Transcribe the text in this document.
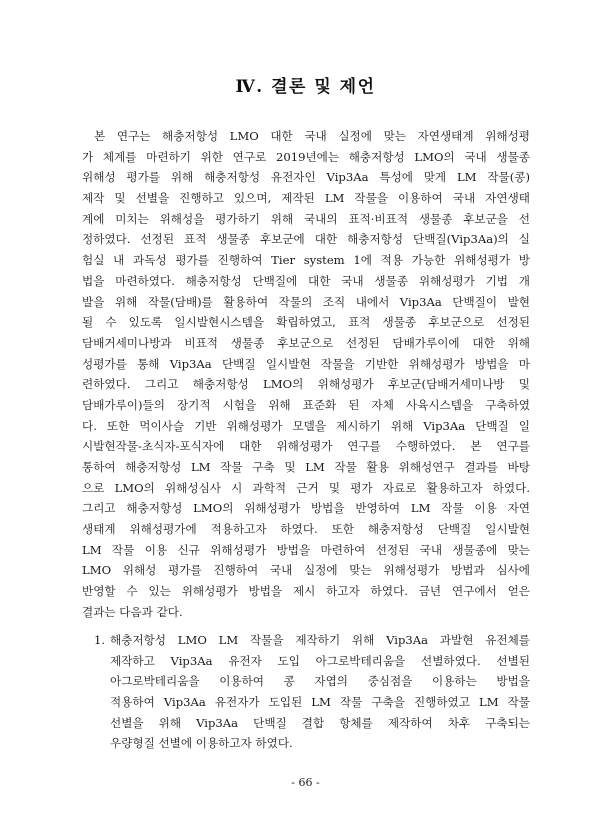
Ⅳ. 결론 및 제언
본 연구는 해충저항성 LMO 대한 국내 실정에 맞는 자연생태계 위해성평
가 체계를 마련하기 위한 연구로 2019년에는 해충저항성 LMO의 국내 생물종
위해성 평가를 위해 해충저항성 유전자인 Vip3Aa 특성에 맞게 LM 작물(콩)
제작 및 선별을 진행하고 있으며, 제작된 LM 작물을 이용하여 국내 자연생태
계에 미치는 위해성을 평가하기 위해 국내의 표적·비표적 생물종 후보군을 선
정하였다. 선정된 표적 생물종 후보군에 대한 해충저항성 단백질(Vip3Aa)의 실
험실 내 과독성 평가를 진행하여 Tier system 1에 적용 가능한 위해성평가 방
법을 마련하였다. 해충저항성 단백질에 대한 국내 생물종 위해성평가 기법 개
발을 위해 작물(담배)를 활용하여 작물의 조직 내에서 Vip3Aa 단백질이 발현
될 수 있도록 일시발현시스템을 확립하였고, 표적 생물종 후보군으로 선정된
담배거세미나방과 비표적 생물종 후보군으로 선정된 담배가루이에 대한 위해
성평가를 통해 Vip3Aa 단백질 일시발현 작물을 기반한 위해성평가 방법을 마
련하였다. 그리고 해충저항성 LMO의 위해성평가 후보군(담배거세미나방 및
담배가루이)들의 장기적 시험을 위해 표준화 된 자체 사육시스템을 구축하였
다. 또한 먹이사슬 기반 위해성평가 모델을 제시하기 위해 Vip3Aa 단백질 일
시발현작물-초식자-포식자에 대한 위해성평가 연구를 수행하였다. 본 연구를
통하여 해충저항성 LM 작물 구축 및 LM 작물 활용 위해성연구 결과를 바탕
으로 LMO의 위해성심사 시 과학적 근거 및 평가 자료로 활용하고자 하였다.
그리고 해충저항성 LMO의 위해성평가 방법을 반영하여 LM 작물 이용 자연
생태계 위해성평가에 적용하고자 하였다. 또한 해충저항성 단백질 일시발현
LM 작물 이용 신규 위해성평가 방법을 마련하여 선정된 국내 생물종에 맞는
LMO 위해성 평가를 진행하여 국내 실정에 맞는 위해성평가 방법과 심사에
반영할 수 있는 위해성평가 방법을 제시 하고자 하였다. 금년 연구에서 얻은
결과는 다음과 같다.
1. 해충저항성 LMO LM 작물을 제작하기 위해 Vip3Aa 과발현 유전체를
제작하고 Vip3Aa 유전자 도입 아그로박테리움을 선별하였다. 선별된
아그로박테리움을 이용하여 콩 자엽의 중심점을 이용하는 방법을
적용하여 Vip3Aa 유전자가 도입된 LM 작물 구축을 진행하였고 LM 작물
선별을 위해 Vip3Aa 단백질 결합 항체를 제작하여 차후 구축되는
우량형질 선별에 이용하고자 하였다.
- 66 -
